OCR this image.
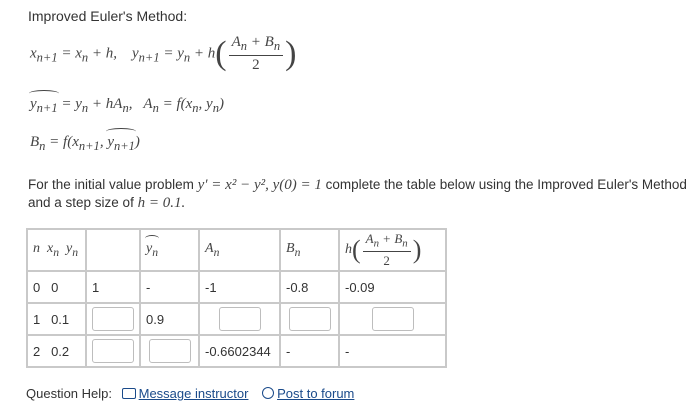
Improved Euler's Method:
$x_{n+1} = x_n + h$,    $y_{n+1} = y_n + h( \frac{A_n + B_n}{2}$ )
$y_{n+1} = y_n + hA_n$,   $A_n = f(x_n$, $y_n$)
$B_n = f(x_{n+1}$, $y_{n+1}$)
For the initial value problem y′ = x² − y², y(0) = 1 complete the table below using the Improved Euler's Method and a step size of h = 0.1.
n  $x_n$  $y_n$		$y_n$	$A_n$	$B_n$	$h( \frac{A_n + B_n}{2}$ )
0 0	1	-	-1	-0.8	-0.09
1 0.1		0.9	

2 0.2			-0.6602344	-	-
Question Help: Message instructor Post to forum
